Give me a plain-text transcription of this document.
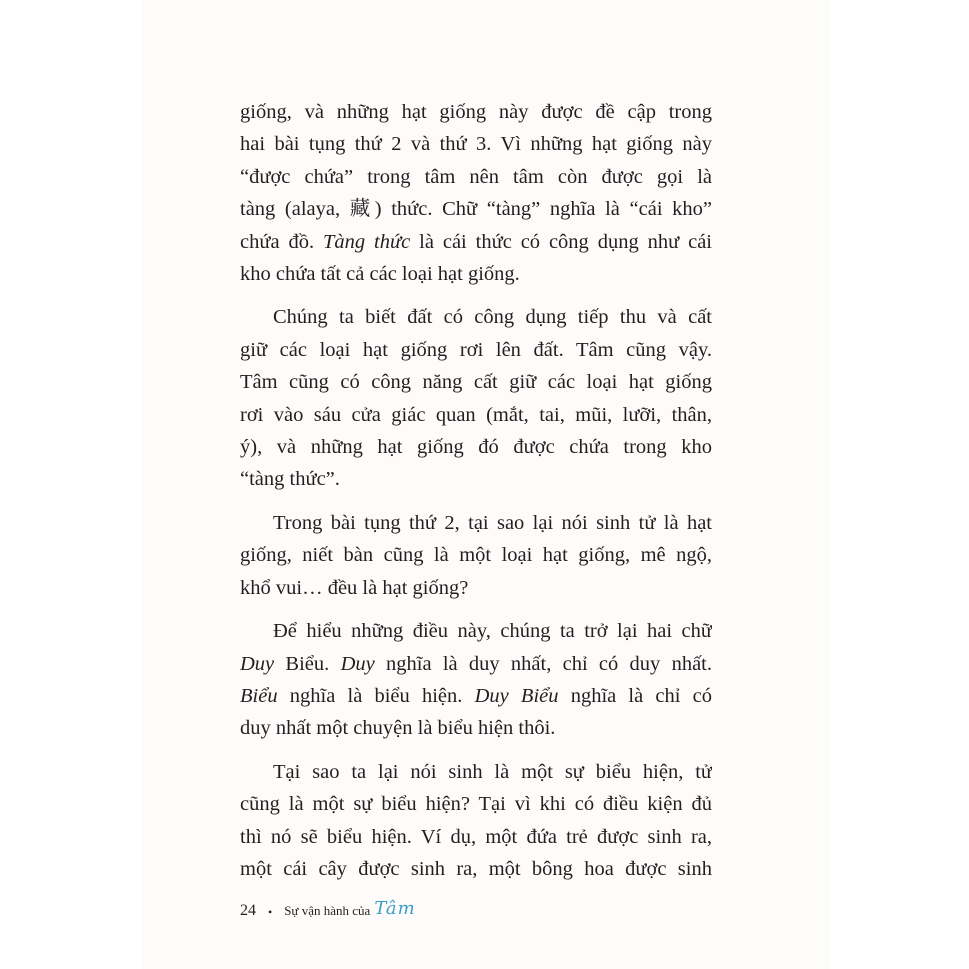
giống, và những hạt giống này được đề cập trong
hai bài tụng thứ 2 và thứ 3. Vì những hạt giống này
“được chứa” trong tâm nên tâm còn được gọi là
tàng (alaya, 藏) thức. Chữ “tàng” nghĩa là “cái kho”
chứa đồ. Tàng thức là cái thức có công dụng như cái
kho chứa tất cả các loại hạt giống.
Chúng ta biết đất có công dụng tiếp thu và cất
giữ các loại hạt giống rơi lên đất. Tâm cũng vậy.
Tâm cũng có công năng cất giữ các loại hạt giống
rơi vào sáu cửa giác quan (mắt, tai, mũi, lưỡi, thân,
ý), và những hạt giống đó được chứa trong kho
“tàng thức”.
Trong bài tụng thứ 2, tại sao lại nói sinh tử là hạt
giống, niết bàn cũng là một loại hạt giống, mê ngộ,
khổ vui… đều là hạt giống?
Để hiểu những điều này, chúng ta trở lại hai chữ
Duy Biểu. Duy nghĩa là duy nhất, chỉ có duy nhất.
Biểu nghĩa là biểu hiện. Duy Biểu nghĩa là chỉ có
duy nhất một chuyện là biểu hiện thôi.
Tại sao ta lại nói sinh là một sự biểu hiện, tử
cũng là một sự biểu hiện? Tại vì khi có điều kiện đủ
thì nó sẽ biểu hiện. Ví dụ, một đứa trẻ được sinh ra,
một cái cây được sinh ra, một bông hoa được sinh
24 • Sự vận hành của Tâm
